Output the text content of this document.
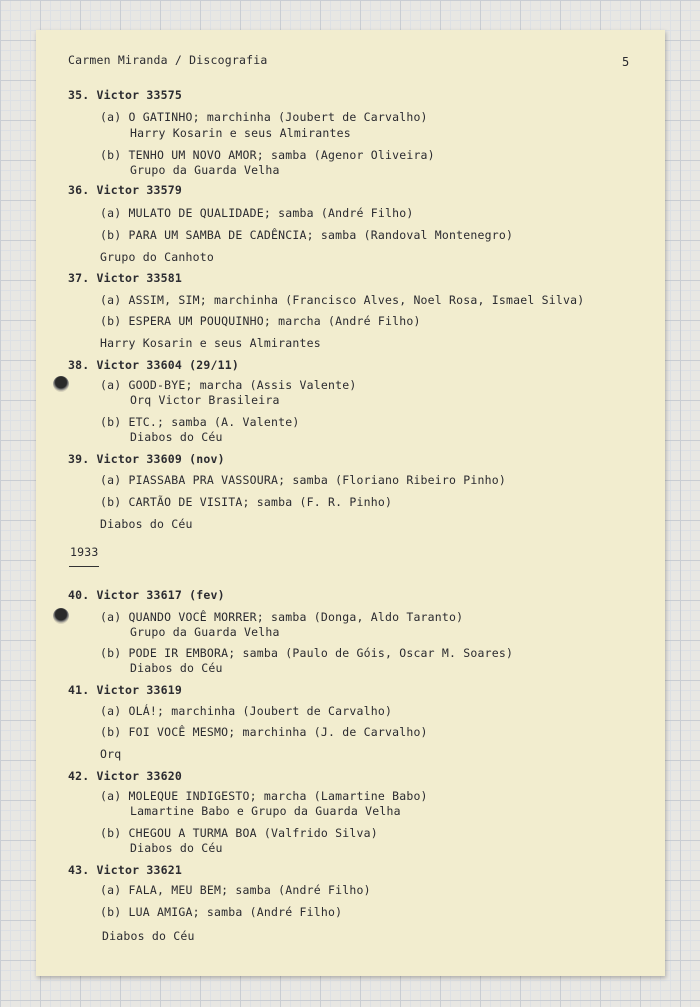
Carmen Miranda / Discografia	5
35. Victor 33575
(a) O GATINHO; marchinha (Joubert de Carvalho)
Harry Kosarin e seus Almirantes
(b) TENHO UM NOVO AMOR; samba (Agenor Oliveira)
Grupo da Guarda Velha
36. Victor 33579
(a) MULATO DE QUALIDADE; samba (André Filho)
(b) PARA UM SAMBA DE CADÊNCIA; samba (Randoval Montenegro)
Grupo do Canhoto
37. Victor 33581
(a) ASSIM, SIM; marchinha (Francisco Alves, Noel Rosa, Ismael Silva)
(b) ESPERA UM POUQUINHO; marcha (André Filho)
Harry Kosarin e seus Almirantes
38. Victor 33604 (29/11)
(a) GOOD-BYE; marcha (Assis Valente)
Orq Victor Brasileira
(b) ETC.; samba (A. Valente)
Diabos do Céu
39. Victor 33609 (nov)
(a) PIASSABA PRA VASSOURA; samba (Floriano Ribeiro Pinho)
(b) CARTÃO DE VISITA; samba (F. R. Pinho)
Diabos do Céu
1933
40. Victor 33617 (fev)
(a) QUANDO VOCÊ MORRER; samba (Donga, Aldo Taranto)
Grupo da Guarda Velha
(b) PODE IR EMBORA; samba (Paulo de Góis, Oscar M. Soares)
Diabos do Céu
41. Victor 33619
(a) OLÁ!; marchinha (Joubert de Carvalho)
(b) FOI VOCÊ MESMO; marchinha (J. de Carvalho)
Orq
42. Victor 33620
(a) MOLEQUE INDIGESTO; marcha (Lamartine Babo)
Lamartine Babo e Grupo da Guarda Velha
(b) CHEGOU A TURMA BOA (Valfrido Silva)
Diabos do Céu
43. Victor 33621
(a) FALA, MEU BEM; samba (André Filho)
(b) LUA AMIGA; samba (André Filho)
Diabos do Céu
